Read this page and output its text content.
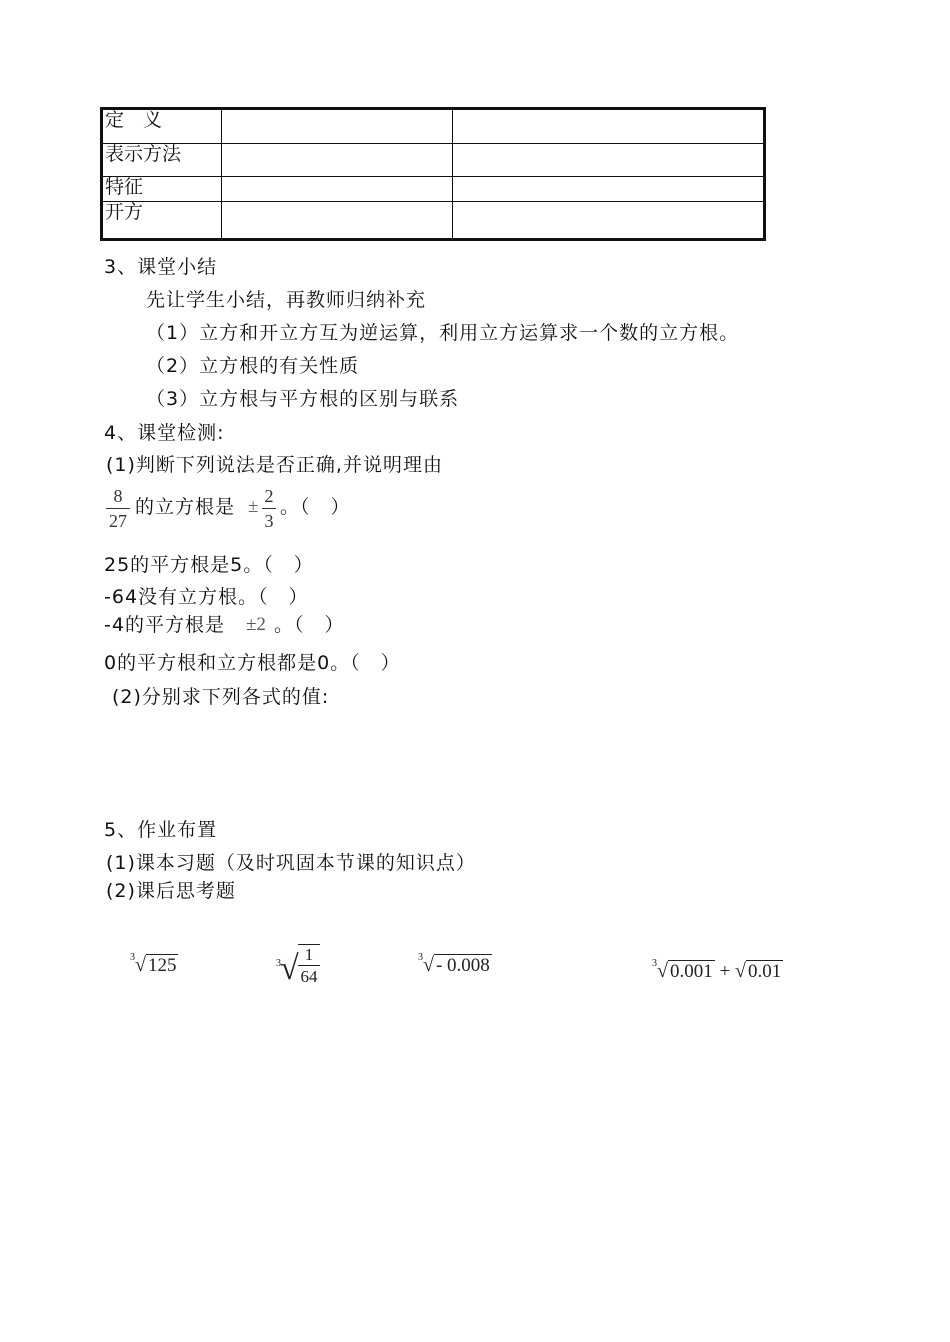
定　义		
表示方法		
特征		
开方		
3、课堂小结
先让学生小结，再教师归纳补充
（1）立方和开立方互为逆运算，利用立方运算求一个数的立方根。
（2）立方根的有关性质
（3）立方根与平方根的区别与联系
4、课堂检测:
(1)判断下列说法是否正确,并说明理由
8
27
的立方根是 ± 2
3
。（　）
25的平方根是5。（　）
-64没有立方根。（　）
-4的平方根是 ±2 。（　）
0的平方根和立方根都是0。（　）
(2)分别求下列各式的值:
5、作业布置
(1)课本习题（及时巩固本节课的知识点）
(2)课后思考题
$^3$√ 125	3 √ 1
64
$^3$√ - 0.008	$^3$√ 0.001 + √ 0.01
